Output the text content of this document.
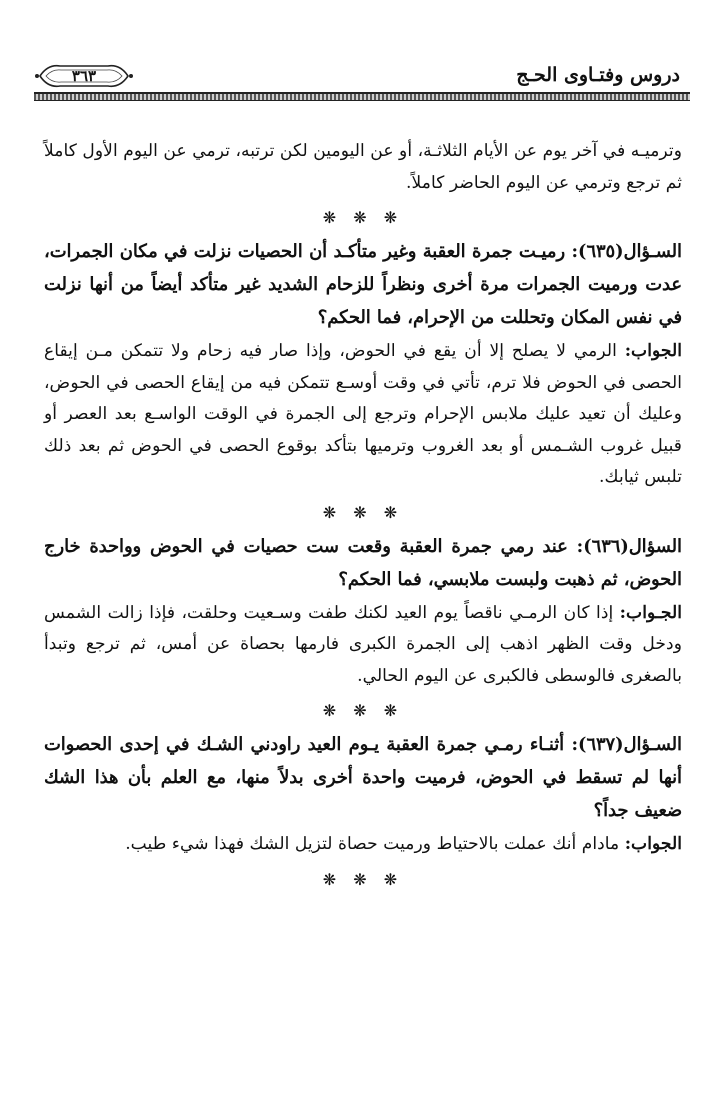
دروس وفتـاوى الحـج
٣٦٣

وترميـه في آخر يوم عن الأيام الثلاثـة، أو عن اليومين لكن ترتبه، ترمي عن اليوم الأول كاملاً ثم ترجع وترمي عن اليوم الحاضر كاملاً.

❋ ❋ ❋

السـؤال(٦٣٥): رميـت جمرة العقبة وغير متأكـد أن الحصيات نزلت في مكان الجمرات، عدت ورميت الجمرات مرة أخرى ونظراً للزحام الشديد غير متأكد أيضاً من أنها نزلت في نفس المكان وتحللت من الإحرام، فما الحكم؟

الجواب: الرمي لا يصلح إلا أن يقع في الحوض، وإذا صار فيه زحام ولا تتمكن مـن إيقاع الحصى في الحوض فلا ترم، تأتي في وقت أوسـع تتمكن فيه من إيقاع الحصى في الحوض، وعليك أن تعيد عليك ملابس الإحرام وترجع إلى الجمرة في الوقت الواسـع بعد العصر أو قبيل غروب الشـمس أو بعد الغروب وترميها بتأكد بوقوع الحصى في الحوض ثم بعد ذلك تلبس ثيابك.

❋ ❋ ❋

السؤال(٦٣٦): عند رمي جمرة العقبة وقعت ست حصيات في الحوض وواحدة خارج الحوض، ثم ذهبت ولبست ملابسي، فما الحكم؟

الجـواب: إذا كان الرمـي ناقصاً يوم العيد لكنك طفت وسـعيت وحلقت، فإذا زالت الشمس ودخل وقت الظهر اذهب إلى الجمرة الكبرى فارمها بحصاة عن أمس، ثم ترجع وتبدأ بالصغرى فالوسطى فالكبرى عن اليوم الحالي.

❋ ❋ ❋

السـؤال(٦٣٧): أثنـاء رمـي جمرة العقبة يـوم العيد راودني الشـك في إحدى الحصوات أنها لم تسقط في الحوض، فرميت واحدة أخرى بدلاً منها، مع العلم بأن هذا الشك ضعيف جداً؟

الجواب: مادام أنك عملت بالاحتياط ورميت حصاة لتزيل الشك فهذا شيء طيب.

❋ ❋ ❋
